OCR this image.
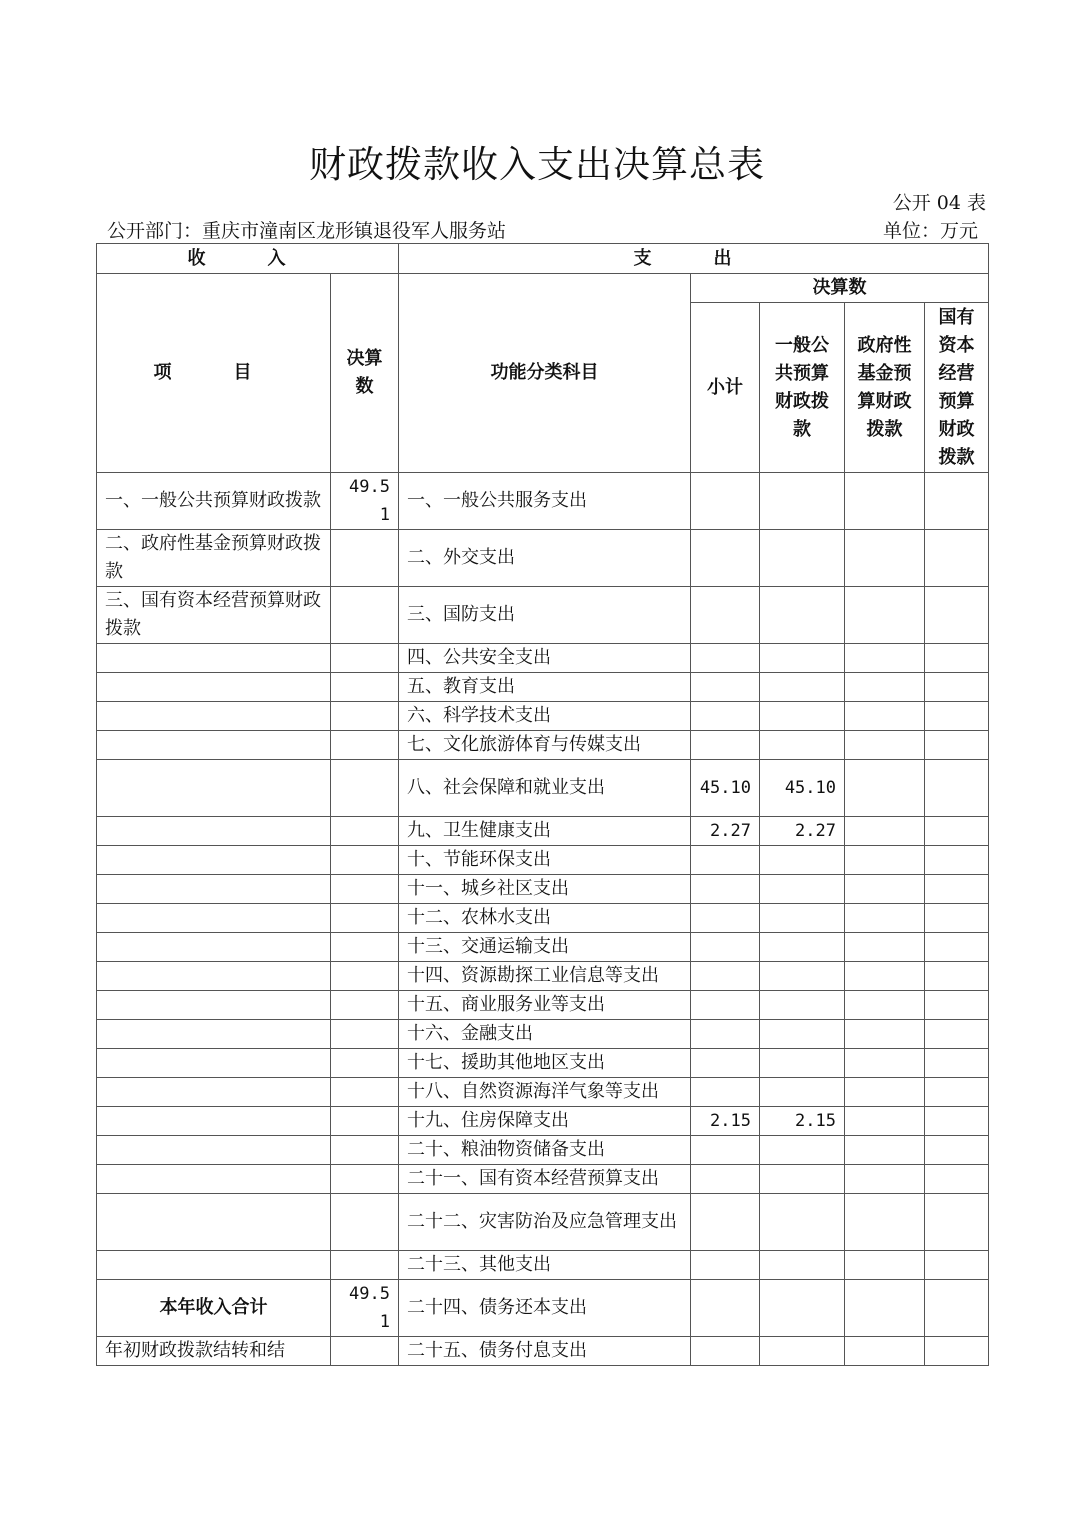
财政拨款收入支出决算总表
公开 04 表
公开部门：重庆市潼南区龙形镇退役军人服务站	单位：万元
收　入		支　出				
项　目	决算数	功能分类科目	决算数			
			小计	一般公共预算财政拨款	政府性基金预算财政拨款	国有资本经营预算财政拨款
一、一般公共预算财政拨款	49.51	一、一般公共服务支出				
二、政府性基金预算财政拨款		二、外交支出				
三、国有资本经营预算财政拨款		三、国防支出				
		四、公共安全支出				
		五、教育支出				
		六、科学技术支出				
		七、文化旅游体育与传媒支出				
		八、社会保障和就业支出	45.10	45.10		
		九、卫生健康支出	2.27	2.27		
		十、节能环保支出				
		十一、城乡社区支出				
		十二、农林水支出				
		十三、交通运输支出				
		十四、资源勘探工业信息等支出				
		十五、商业服务业等支出				
		十六、金融支出				
		十七、援助其他地区支出				
		十八、自然资源海洋气象等支出				
		十九、住房保障支出	2.15	2.15		
		二十、粮油物资储备支出				
		二十一、国有资本经营预算支出				
		二十二、灾害防治及应急管理支出				
		二十三、其他支出				
本年收入合计	49.51	二十四、债务还本支出				
年初财政拨款结转和结		二十五、债务付息支出				
